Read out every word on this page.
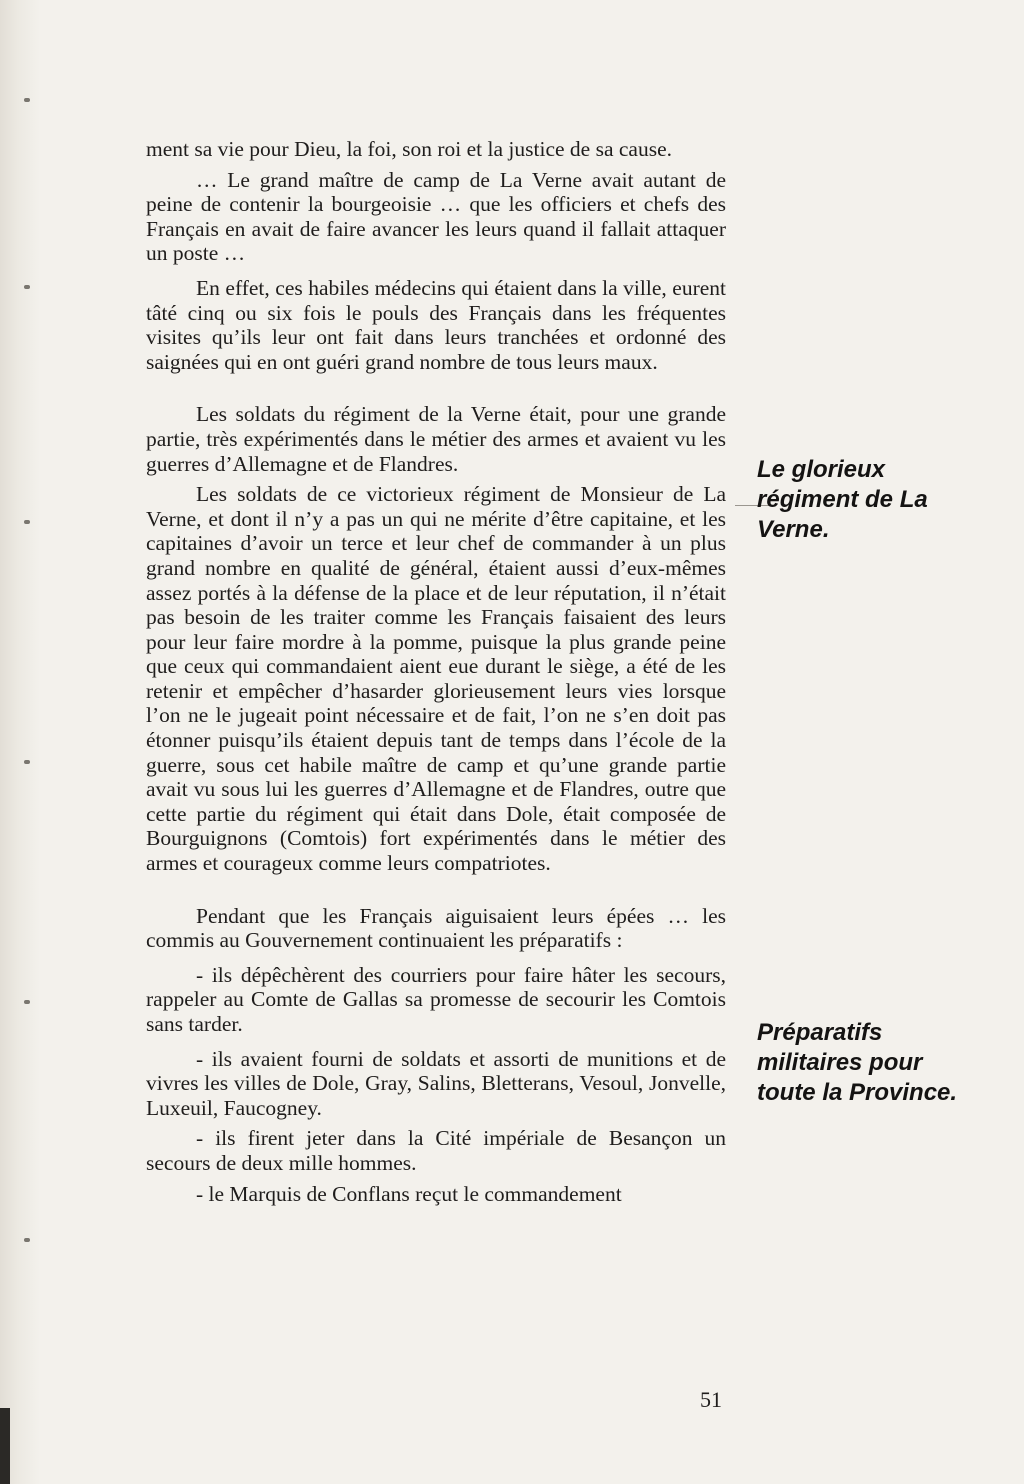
ment sa vie pour Dieu, la foi, son roi et la justice de sa cause.

… Le grand maître de camp de La Verne avait autant de peine de contenir la bourgeoisie … que les officiers et chefs des Français en avait de faire avancer les leurs quand il fallait attaquer un poste …

En effet, ces habiles médecins qui étaient dans la ville, eurent tâté cinq ou six fois le pouls des Français dans les fréquentes visites qu’ils leur ont fait dans leurs tranchées et ordonné des saignées qui en ont guéri grand nombre de tous leurs maux.

Les soldats du régiment de la Verne était, pour une grande partie, très expérimentés dans le métier des armes et avaient vu les guerres d’Allemagne et de Flandres.

Les soldats de ce victorieux régiment de Monsieur de La Verne, et dont il n’y a pas un qui ne mérite d’être capitaine, et les capitaines d’avoir un terce et leur chef de commander à un plus grand nombre en qualité de général, étaient aussi d’eux-mêmes assez portés à la défense de la place et de leur réputation, il n’était pas besoin de les traiter comme les Français faisaient des leurs pour leur faire mordre à la pomme, puisque la plus grande peine que ceux qui commandaient aient eue durant le siège, a été de les retenir et empêcher d’hasarder glorieusement leurs vies lorsque l’on ne le jugeait point nécessaire et de fait, l’on ne s’en doit pas étonner puisqu’ils étaient depuis tant de temps dans l’école de la guerre, sous cet habile maître de camp et qu’une grande partie avait vu sous lui les guerres d’Allemagne et de Flandres, outre que cette partie du régiment qui était dans Dole, était composée de Bourguignons (Comtois) fort expérimentés dans le métier des armes et courageux comme leurs compatriotes.

Pendant que les Français aiguisaient leurs épées … les commis au Gouvernement continuaient les préparatifs :

- ils dépêchèrent des courriers pour faire hâter les secours, rappeler au Comte de Gallas sa promesse de secourir les Comtois sans tarder.

- ils avaient fourni de soldats et assorti de munitions et de vivres les villes de Dole, Gray, Salins, Bletterans, Vesoul, Jonvelle, Luxeuil, Faucogney.

- ils firent jeter dans la Cité impériale de Besançon un secours de deux mille hommes.

- le Marquis de Conflans reçut le commandement

Le glorieux régiment de La Verne.

Préparatifs militaires pour toute la Province.

51
